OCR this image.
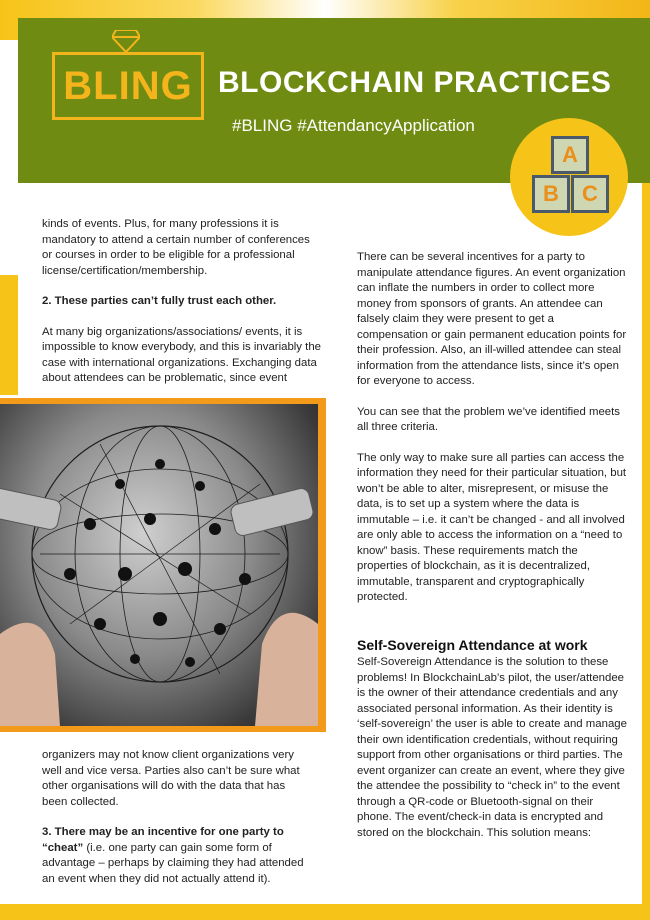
BLING BLOCKCHAIN PRACTICES
#BLING #AttendancyApplication
A
B	C

kinds of events. Plus, for many professions it is mandatory to attend a certain number of conferences or courses in order to be eligible for a professional license/certification/membership.

2. These parties can’t fully trust each other.

At many big organizations/associations/ events, it is impossible to know everybody, and this is invariably the case with international organizations. Exchanging data about attendees can be problematic, since event

organizers may not know client organizations very well and vice versa. Parties also can’t be sure what other organisations will do with the data that has been collected.

3. There may be an incentive for one party to “cheat” (i.e. one party can gain some form of advantage – perhaps by claiming they had attended an event when they did not actually attend it).

There can be several incentives for a party to manipulate attendance figures. An event organization can inflate the numbers in order to collect more money from sponsors of grants. An attendee can falsely claim they were present to get a compensation or gain permanent education points for their profession. Also, an ill-willed attendee can steal information from the attendance lists, since it’s open for everyone to access.

You can see that the problem we’ve identified meets all three criteria.

The only way to make sure all parties can access the information they need for their particular situation, but won’t be able to alter, misrepresent, or misuse the data, is to set up a system where the data is immutable – i.e. it can’t be changed - and all involved are only able to access the information on a “need to know” basis. These requirements match the properties of blockchain, as it is decentralized, immutable, transparent and cryptographically protected.

Self-Sovereign Attendance at work

Self-Sovereign Attendance is the solution to these problems! In BlockchainLab’s pilot, the user/attendee is the owner of their attendance credentials and any associated personal information. As their identity is ‘self-sovereign’ the user is able to create and manage their own identification credentials, without requiring support from other organisations or third parties. The event organizer can create an event, where they give the attendee the possibility to “check in” to the event through a QR-code or Bluetooth-signal on their phone. The event/check-in data is encrypted and stored on the blockchain. This solution means:
